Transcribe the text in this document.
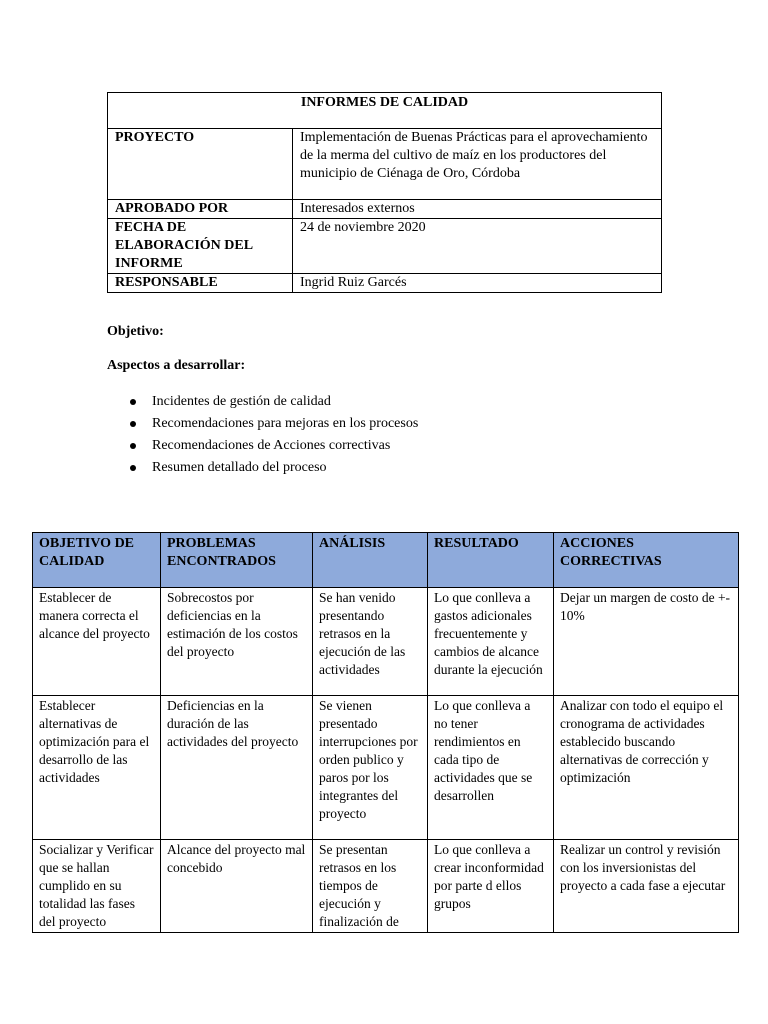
INFORMES DE CALIDAD	
PROYECTO	Implementación de Buenas Prácticas para el aprovechamiento de la merma del cultivo de maíz en los productores del municipio de Ciénaga de Oro, Córdoba
APROBADO POR	Interesados externos
FECHA DE ELABORACIÓN DEL INFORME	24 de noviembre 2020
RESPONSABLE	Ingrid Ruiz Garcés
Objetivo:
Aspectos a desarrollar:
Incidentes de gestión de calidad
Recomendaciones para mejoras en los procesos
Recomendaciones de Acciones correctivas
Resumen detallado del proceso
OBJETIVO DE CALIDAD	PROBLEMAS ENCONTRADOS	ANÁLISIS	RESULTADO	ACCIONES CORRECTIVAS
Establecer de manera correcta el alcance del proyecto	Sobrecostos por deficiencias en la estimación de los costos del proyecto	Se han venido presentando retrasos en la ejecución de las actividades	Lo que conlleva a gastos adicionales frecuentemente y cambios de alcance durante la ejecución	Dejar un margen de costo de +- 10%
Establecer alternativas de optimización para el desarrollo de las actividades	Deficiencias en la duración de las actividades del proyecto	Se vienen presentado interrupciones por orden publico y paros por los integrantes del proyecto	Lo que conlleva a no tener rendimientos en cada tipo de actividades que se desarrollen	Analizar con todo el equipo el cronograma de actividades establecido buscando alternativas de corrección y optimización
Socializar y Verificar que se hallan cumplido en su totalidad las fases del proyecto	Alcance del proyecto mal concebido	Se presentan retrasos en los tiempos de ejecución y finalización de	Lo que conlleva a crear inconformidad por parte d ellos grupos	Realizar un control y revisión con los inversionistas del proyecto a cada fase a ejecutar
